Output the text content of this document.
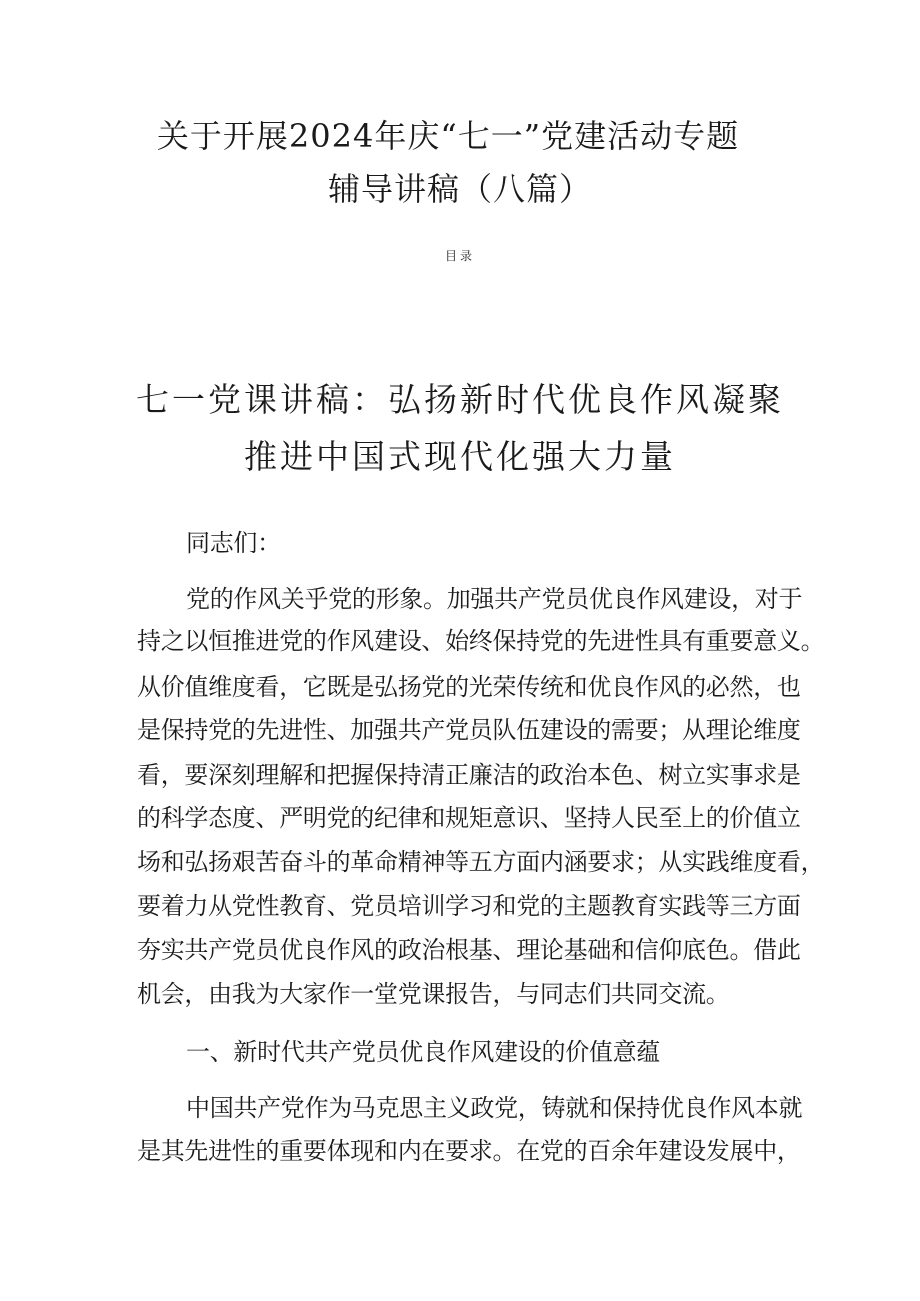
关于开展2024年庆“七一”党建活动专题
辅导讲稿（八篇）
目录
七一党课讲稿：弘扬新时代优良作风凝聚
推进中国式现代化强大力量
同志们：
党的作风关乎党的形象。加强共产党员优良作风建设，对于
持之以恒推进党的作风建设、始终保持党的先进性具有重要意义。
从价值维度看，它既是弘扬党的光荣传统和优良作风的必然，也
是保持党的先进性、加强共产党员队伍建设的需要；从理论维度
看，要深刻理解和把握保持清正廉洁的政治本色、树立实事求是
的科学态度、严明党的纪律和规矩意识、坚持人民至上的价值立
场和弘扬艰苦奋斗的革命精神等五方面内涵要求；从实践维度看，
要着力从党性教育、党员培训学习和党的主题教育实践等三方面
夯实共产党员优良作风的政治根基、理论基础和信仰底色。借此
机会，由我为大家作一堂党课报告，与同志们共同交流。
一、新时代共产党员优良作风建设的价值意蕴
中国共产党作为马克思主义政党，铸就和保持优良作风本就
是其先进性的重要体现和内在要求。在党的百余年建设发展中，
